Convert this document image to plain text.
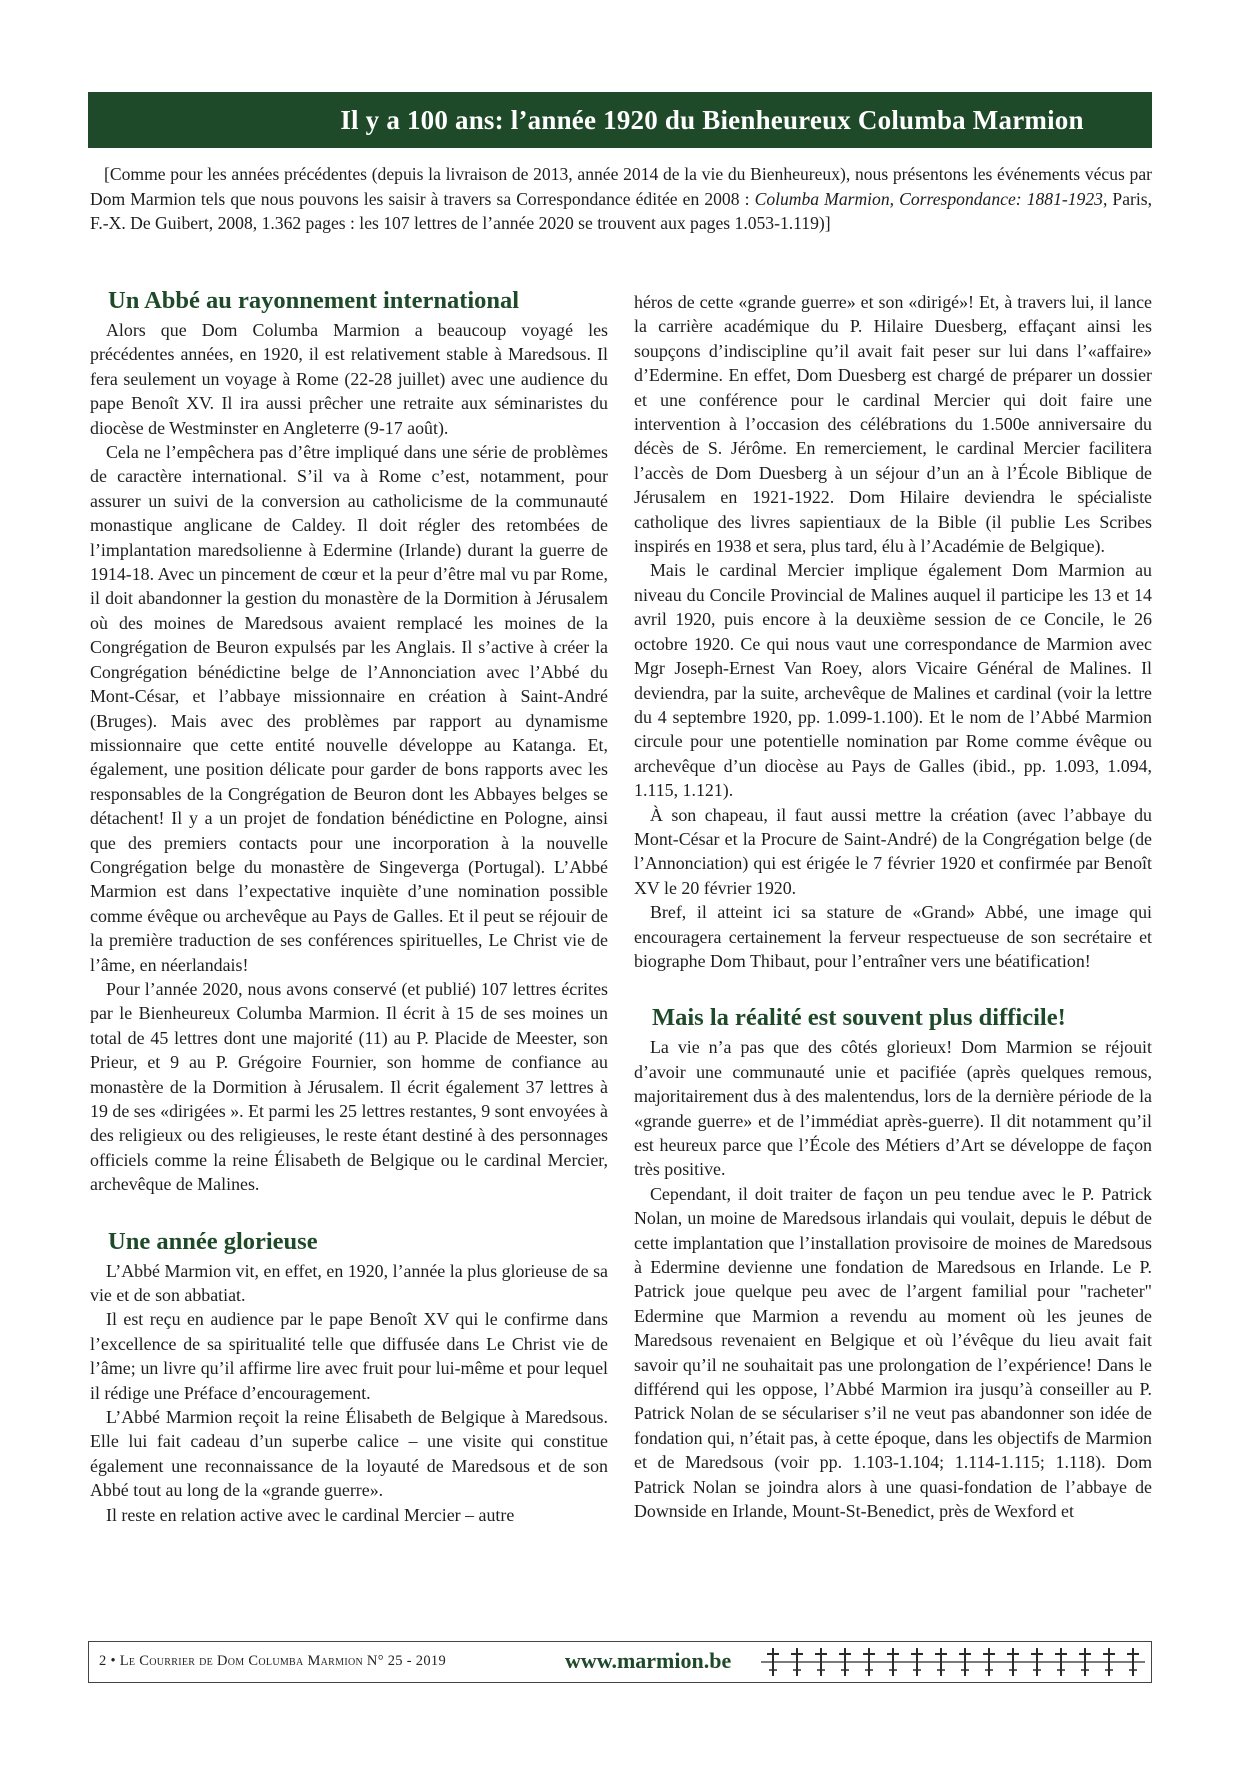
Il y a 100 ans: l’année 1920 du Bienheureux Columba Marmion

[Comme pour les années précédentes (depuis la livraison de 2013, année 2014 de la vie du Bienheureux), nous présentons les événements vécus par Dom Marmion tels que nous pouvons les saisir à travers sa Correspondance éditée en 2008 : Columba Marmion, Correspondance: 1881-1923, Paris, F.-X. De Guibert, 2008, 1.362 pages : les 107 lettres de l’année 2020 se trouvent aux pages 1.053-1.119)]

Un Abbé au rayonnement international

Alors que Dom Columba Marmion a beaucoup voyagé les précédentes années, en 1920, il est relativement stable à Maredsous. Il fera seulement un voyage à Rome (22-28 juillet) avec une audience du pape Benoît XV. Il ira aussi prêcher une retraite aux séminaristes du diocèse de Westminster en Angleterre (9-17 août).

Cela ne l’empêchera pas d’être impliqué dans une série de problèmes de caractère international. S’il va à Rome c’est, notamment, pour assurer un suivi de la conversion au catholicisme de la communauté monastique anglicane de Caldey. Il doit régler des retombées de l’implantation maredsolienne à Edermine (Irlande) durant la guerre de 1914-18. Avec un pincement de cœur et la peur d’être mal vu par Rome, il doit abandonner la gestion du monastère de la Dormition à Jérusalem où des moines de Maredsous avaient remplacé les moines de la Congrégation de Beuron expulsés par les Anglais. Il s’active à créer la Congrégation bénédictine belge de l’Annonciation avec l’Abbé du Mont-César, et l’abbaye missionnaire en création à Saint-André (Bruges). Mais avec des problèmes par rapport au dynamisme missionnaire que cette entité nouvelle développe au Katanga. Et, également, une position délicate pour garder de bons rapports avec les responsables de la Congrégation de Beuron dont les Abbayes belges se détachent! Il y a un projet de fondation bénédictine en Pologne, ainsi que des premiers contacts pour une incorporation à la nouvelle Congrégation belge du monastère de Singeverga (Portugal). L’Abbé Marmion est dans l’expectative inquiète d’une nomination possible comme évêque ou archevêque au Pays de Galles. Et il peut se réjouir de la première traduction de ses conférences spirituelles, Le Christ vie de l’âme, en néerlandais!

Pour l’année 2020, nous avons conservé (et publié) 107 lettres écrites par le Bienheureux Columba Marmion. Il écrit à 15 de ses moines un total de 45 lettres dont une majorité (11) au P. Placide de Meester, son Prieur, et 9 au P. Grégoire Fournier, son homme de confiance au monastère de la Dormition à Jérusalem. Il écrit également 37 lettres à 19 de ses «dirigées ». Et parmi les 25 lettres restantes, 9 sont envoyées à des religieux ou des religieuses, le reste étant destiné à des personnages officiels comme la reine Élisabeth de Belgique ou le cardinal Mercier, archevêque de Malines.

Une année glorieuse

L’Abbé Marmion vit, en effet, en 1920, l’année la plus glorieuse de sa vie et de son abbatiat.

Il est reçu en audience par le pape Benoît XV qui le confirme dans l’excellence de sa spiritualité telle que diffusée dans Le Christ vie de l’âme; un livre qu’il affirme lire avec fruit pour lui-même et pour lequel il rédige une Préface d’encouragement.

L’Abbé Marmion reçoit la reine Élisabeth de Belgique à Maredsous. Elle lui fait cadeau d’un superbe calice – une visite qui constitue également une reconnaissance de la loyauté de Maredsous et de son Abbé tout au long de la «grande guerre».

Il reste en relation active avec le cardinal Mercier – autre

héros de cette «grande guerre» et son «dirigé»! Et, à travers lui, il lance la carrière académique du P. Hilaire Duesberg, effaçant ainsi les soupçons d’indiscipline qu’il avait fait peser sur lui dans l’«affaire» d’Edermine. En effet, Dom Duesberg est chargé de préparer un dossier et une conférence pour le cardinal Mercier qui doit faire une intervention à l’occasion des célébrations du 1.500e anniversaire du décès de S. Jérôme. En remerciement, le cardinal Mercier facilitera l’accès de Dom Duesberg à un séjour d’un an à l’École Biblique de Jérusalem en 1921-1922. Dom Hilaire deviendra le spécialiste catholique des livres sapientiaux de la Bible (il publie Les Scribes inspirés en 1938 et sera, plus tard, élu à l’Académie de Belgique).

Mais le cardinal Mercier implique également Dom Marmion au niveau du Concile Provincial de Malines auquel il participe les 13 et 14 avril 1920, puis encore à la deuxième session de ce Concile, le 26 octobre 1920. Ce qui nous vaut une correspondance de Marmion avec Mgr Joseph-Ernest Van Roey, alors Vicaire Général de Malines. Il deviendra, par la suite, archevêque de Malines et cardinal (voir la lettre du 4 septembre 1920, pp. 1.099-1.100). Et le nom de l’Abbé Marmion circule pour une potentielle nomination par Rome comme évêque ou archevêque d’un diocèse au Pays de Galles (ibid., pp. 1.093, 1.094, 1.115, 1.121).

À son chapeau, il faut aussi mettre la création (avec l’abbaye du Mont-César et la Procure de Saint-André) de la Congrégation belge (de l’Annonciation) qui est érigée le 7 février 1920 et confirmée par Benoît XV le 20 février 1920.

Bref, il atteint ici sa stature de «Grand» Abbé, une image qui encouragera certainement la ferveur respectueuse de son secrétaire et biographe Dom Thibaut, pour l’entraîner vers une béatification!

Mais la réalité est souvent plus difficile!

La vie n’a pas que des côtés glorieux! Dom Marmion se réjouit d’avoir une communauté unie et pacifiée (après quelques remous, majoritairement dus à des malentendus, lors de la dernière période de la «grande guerre» et de l’immédiat après-guerre). Il dit notamment qu’il est heureux parce que l’École des Métiers d’Art se développe de façon très positive.

Cependant, il doit traiter de façon un peu tendue avec le P. Patrick Nolan, un moine de Maredsous irlandais qui voulait, depuis le début de cette implantation que l’installation provisoire de moines de Maredsous à Edermine devienne une fondation de Maredsous en Irlande. Le P. Patrick joue quelque peu avec de l’argent familial pour "racheter" Edermine que Marmion a revendu au moment où les jeunes de Maredsous revenaient en Belgique et où l’évêque du lieu avait fait savoir qu’il ne souhaitait pas une prolongation de l’expérience! Dans le différend qui les oppose, l’Abbé Marmion ira jusqu’à conseiller au P. Patrick Nolan de se séculariser s’il ne veut pas abandonner son idée de fondation qui, n’était pas, à cette époque, dans les objectifs de Marmion et de Maredsous (voir pp. 1.103-1.104; 1.114-1.115; 1.118). Dom Patrick Nolan se joindra alors à une quasi-fondation de l’abbaye de Downside en Irlande, Mount-St-Benedict, près de Wexford et

2 • Le Courrier de Dom Columba Marmion N° 25 - 2019	www.marmion.be
